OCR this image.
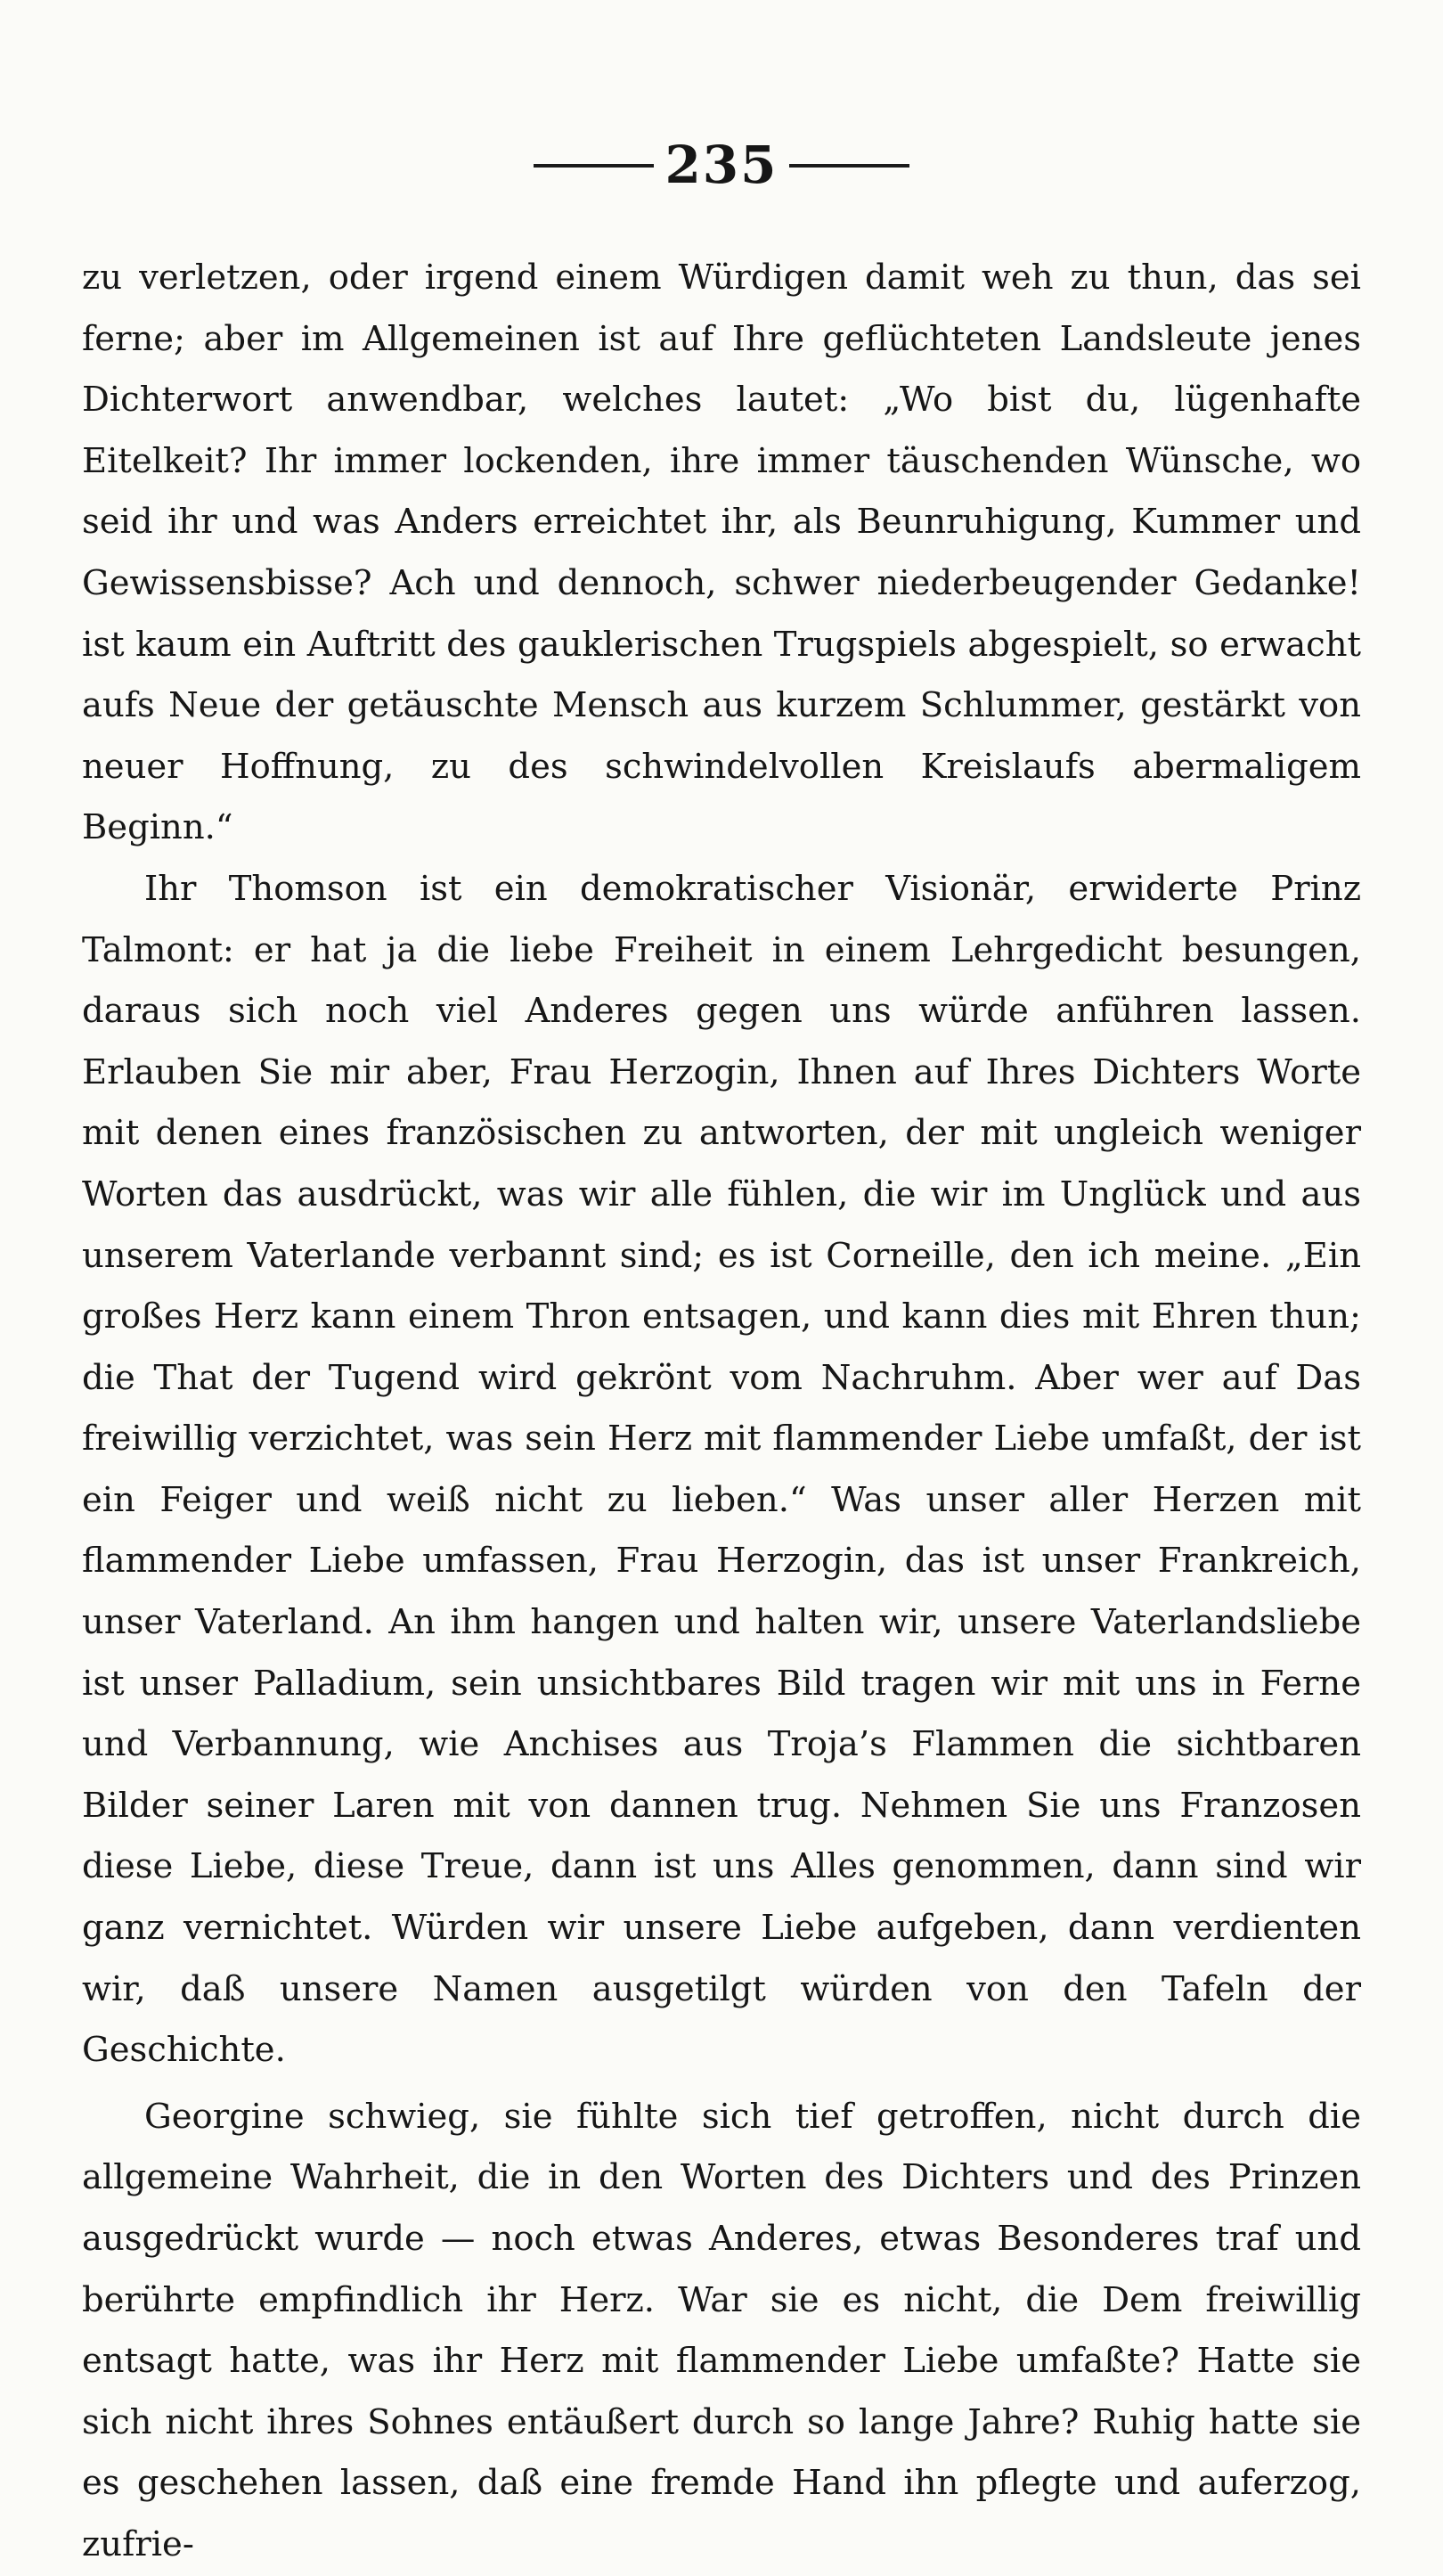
235

zu verletzen, oder irgend einem Würdigen damit weh zu thun, das sei ferne; aber im Allgemeinen ist auf Ihre geflüchteten Landsleute jenes Dichterwort anwendbar, welches lautet: „Wo bist du, lügenhafte Eitelkeit? Ihr immer lockenden, ihre immer täuschenden Wünsche, wo seid ihr und was Anders erreichtet ihr, als Beunruhigung, Kummer und Gewissensbisse? Ach und dennoch, schwer niederbeugender Gedanke! ist kaum ein Auftritt des gauklerischen Trugspiels abgespielt, so erwacht aufs Neue der getäuschte Mensch aus kurzem Schlummer, gestärkt von neuer Hoffnung, zu des schwindelvollen Kreislaufs abermaligem Beginn.“

Ihr Thomson ist ein demokratischer Visionär, erwiderte Prinz Talmont: er hat ja die liebe Freiheit in einem Lehrgedicht besungen, daraus sich noch viel Anderes gegen uns würde anführen lassen. Erlauben Sie mir aber, Frau Herzogin, Ihnen auf Ihres Dichters Worte mit denen eines französischen zu antworten, der mit ungleich weniger Worten das ausdrückt, was wir alle fühlen, die wir im Unglück und aus unserem Vaterlande verbannt sind; es ist Corneille, den ich meine. „Ein großes Herz kann einem Thron entsagen, und kann dies mit Ehren thun; die That der Tugend wird gekrönt vom Nachruhm. Aber wer auf Das freiwillig verzichtet, was sein Herz mit flammender Liebe umfaßt, der ist ein Feiger und weiß nicht zu lieben.“ Was unser aller Herzen mit flammender Liebe umfassen, Frau Herzogin, das ist unser Frankreich, unser Vaterland. An ihm hangen und halten wir, unsere Vaterlandsliebe ist unser Palladium, sein unsichtbares Bild tragen wir mit uns in Ferne und Verbannung, wie Anchises aus Troja’s Flammen die sichtbaren Bilder seiner Laren mit von dannen trug. Nehmen Sie uns Franzosen diese Liebe, diese Treue, dann ist uns Alles genommen, dann sind wir ganz vernichtet. Würden wir unsere Liebe aufgeben, dann verdienten wir, daß unsere Namen ausgetilgt würden von den Tafeln der Geschichte.

Georgine schwieg, sie fühlte sich tief getroffen, nicht durch die allgemeine Wahrheit, die in den Worten des Dichters und des Prinzen ausgedrückt wurde — noch etwas Anderes, etwas Besonderes traf und berührte empfindlich ihr Herz. War sie es nicht, die Dem freiwillig entsagt hatte, was ihr Herz mit flammender Liebe umfaßte? Hatte sie sich nicht ihres Sohnes entäußert durch so lange Jahre? Ruhig hatte sie es geschehen lassen, daß eine fremde Hand ihn pflegte und auferzog, zufrie-
